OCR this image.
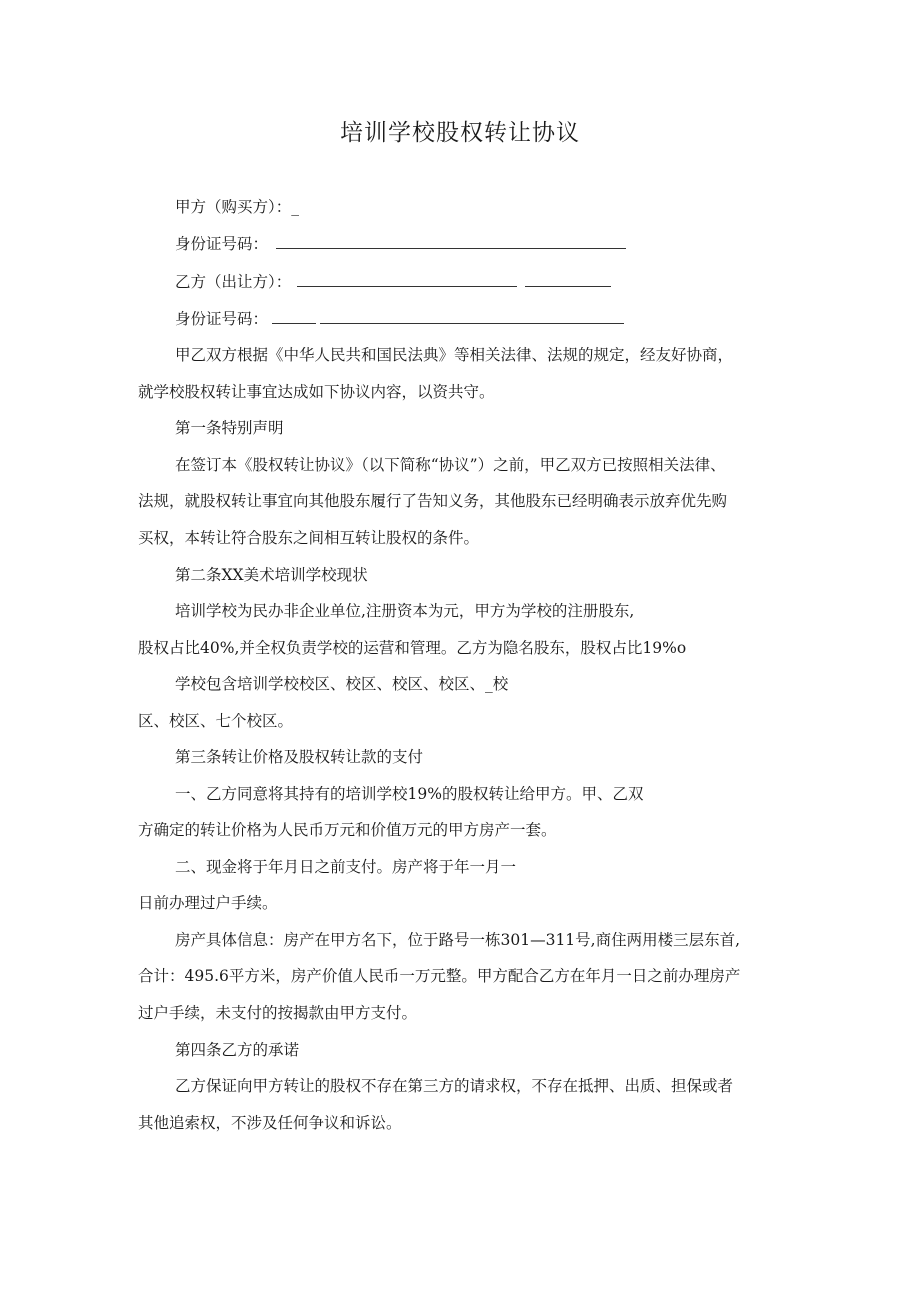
培训学校股权转让协议
甲方（购买方）：_
身份证号码：
乙方（出让方）：
身份证号码：
甲乙双方根据《中华人民共和国民法典》等相关法律、法规的规定，经友好协商，
就学校股权转让事宜达成如下协议内容，以资共守。
第一条特别声明
在签订本《股权转让协议》（以下简称“协议”）之前，甲乙双方已按照相关法律、
法规，就股权转让事宜向其他股东履行了告知义务，其他股东已经明确表示放弃优先购
买权，本转让符合股东之间相互转让股权的条件。
第二条XX美术培训学校现状
培训学校为民办非企业单位,注册资本为元，甲方为学校的注册股东,
股权占比40%,并全权负责学校的运营和管理。乙方为隐名股东，股权占比19%o
学校包含培训学校校区、校区、校区、校区、_校
区、校区、七个校区。
第三条转让价格及股权转让款的支付
一、乙方同意将其持有的培训学校19%的股权转让给甲方。甲、乙双
方确定的转让价格为人民币万元和价值万元的甲方房产一套。
二、现金将于年月日之前支付。房产将于年一月一
日前办理过户手续。
房产具体信息：房产在甲方名下，位于路号一栋301—311号,商住两用楼三层东首,
合计：495.6平方米，房产价值人民币一万元整。甲方配合乙方在年月一日之前办理房产
过户手续，未支付的按揭款由甲方支付。
第四条乙方的承诺
乙方保证向甲方转让的股权不存在第三方的请求权，不存在抵押、出质、担保或者
其他追索权，不涉及任何争议和诉讼。
